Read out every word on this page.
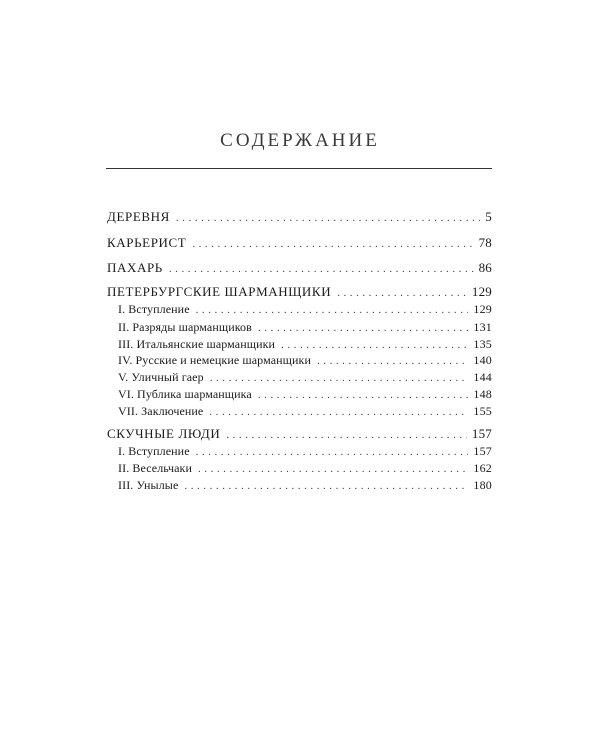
СОДЕРЖАНИЕ
ДЕРЕВНЯ . . .	5
КАРЬЕРИСТ . . .	78
ПАХАРЬ . . .	86
ПЕТЕРБУРГСКИЕ ШАРМАНЩИКИ . . .	129
I. Вступление . . .	129
II. Разряды шарманщиков . . .	131
III. Итальянские шарманщики . . .	135
IV. Русские и немецкие шарманщики . . .	140
V. Уличный гаер . . .	144
VI. Публика шарманщика . . .	148
VII. Заключение . . .	155
СКУЧНЫЕ ЛЮДИ . . .	157
I. Вступление . . .	157
II. Весельчаки . . .	162
III. Унылые . . .	180
